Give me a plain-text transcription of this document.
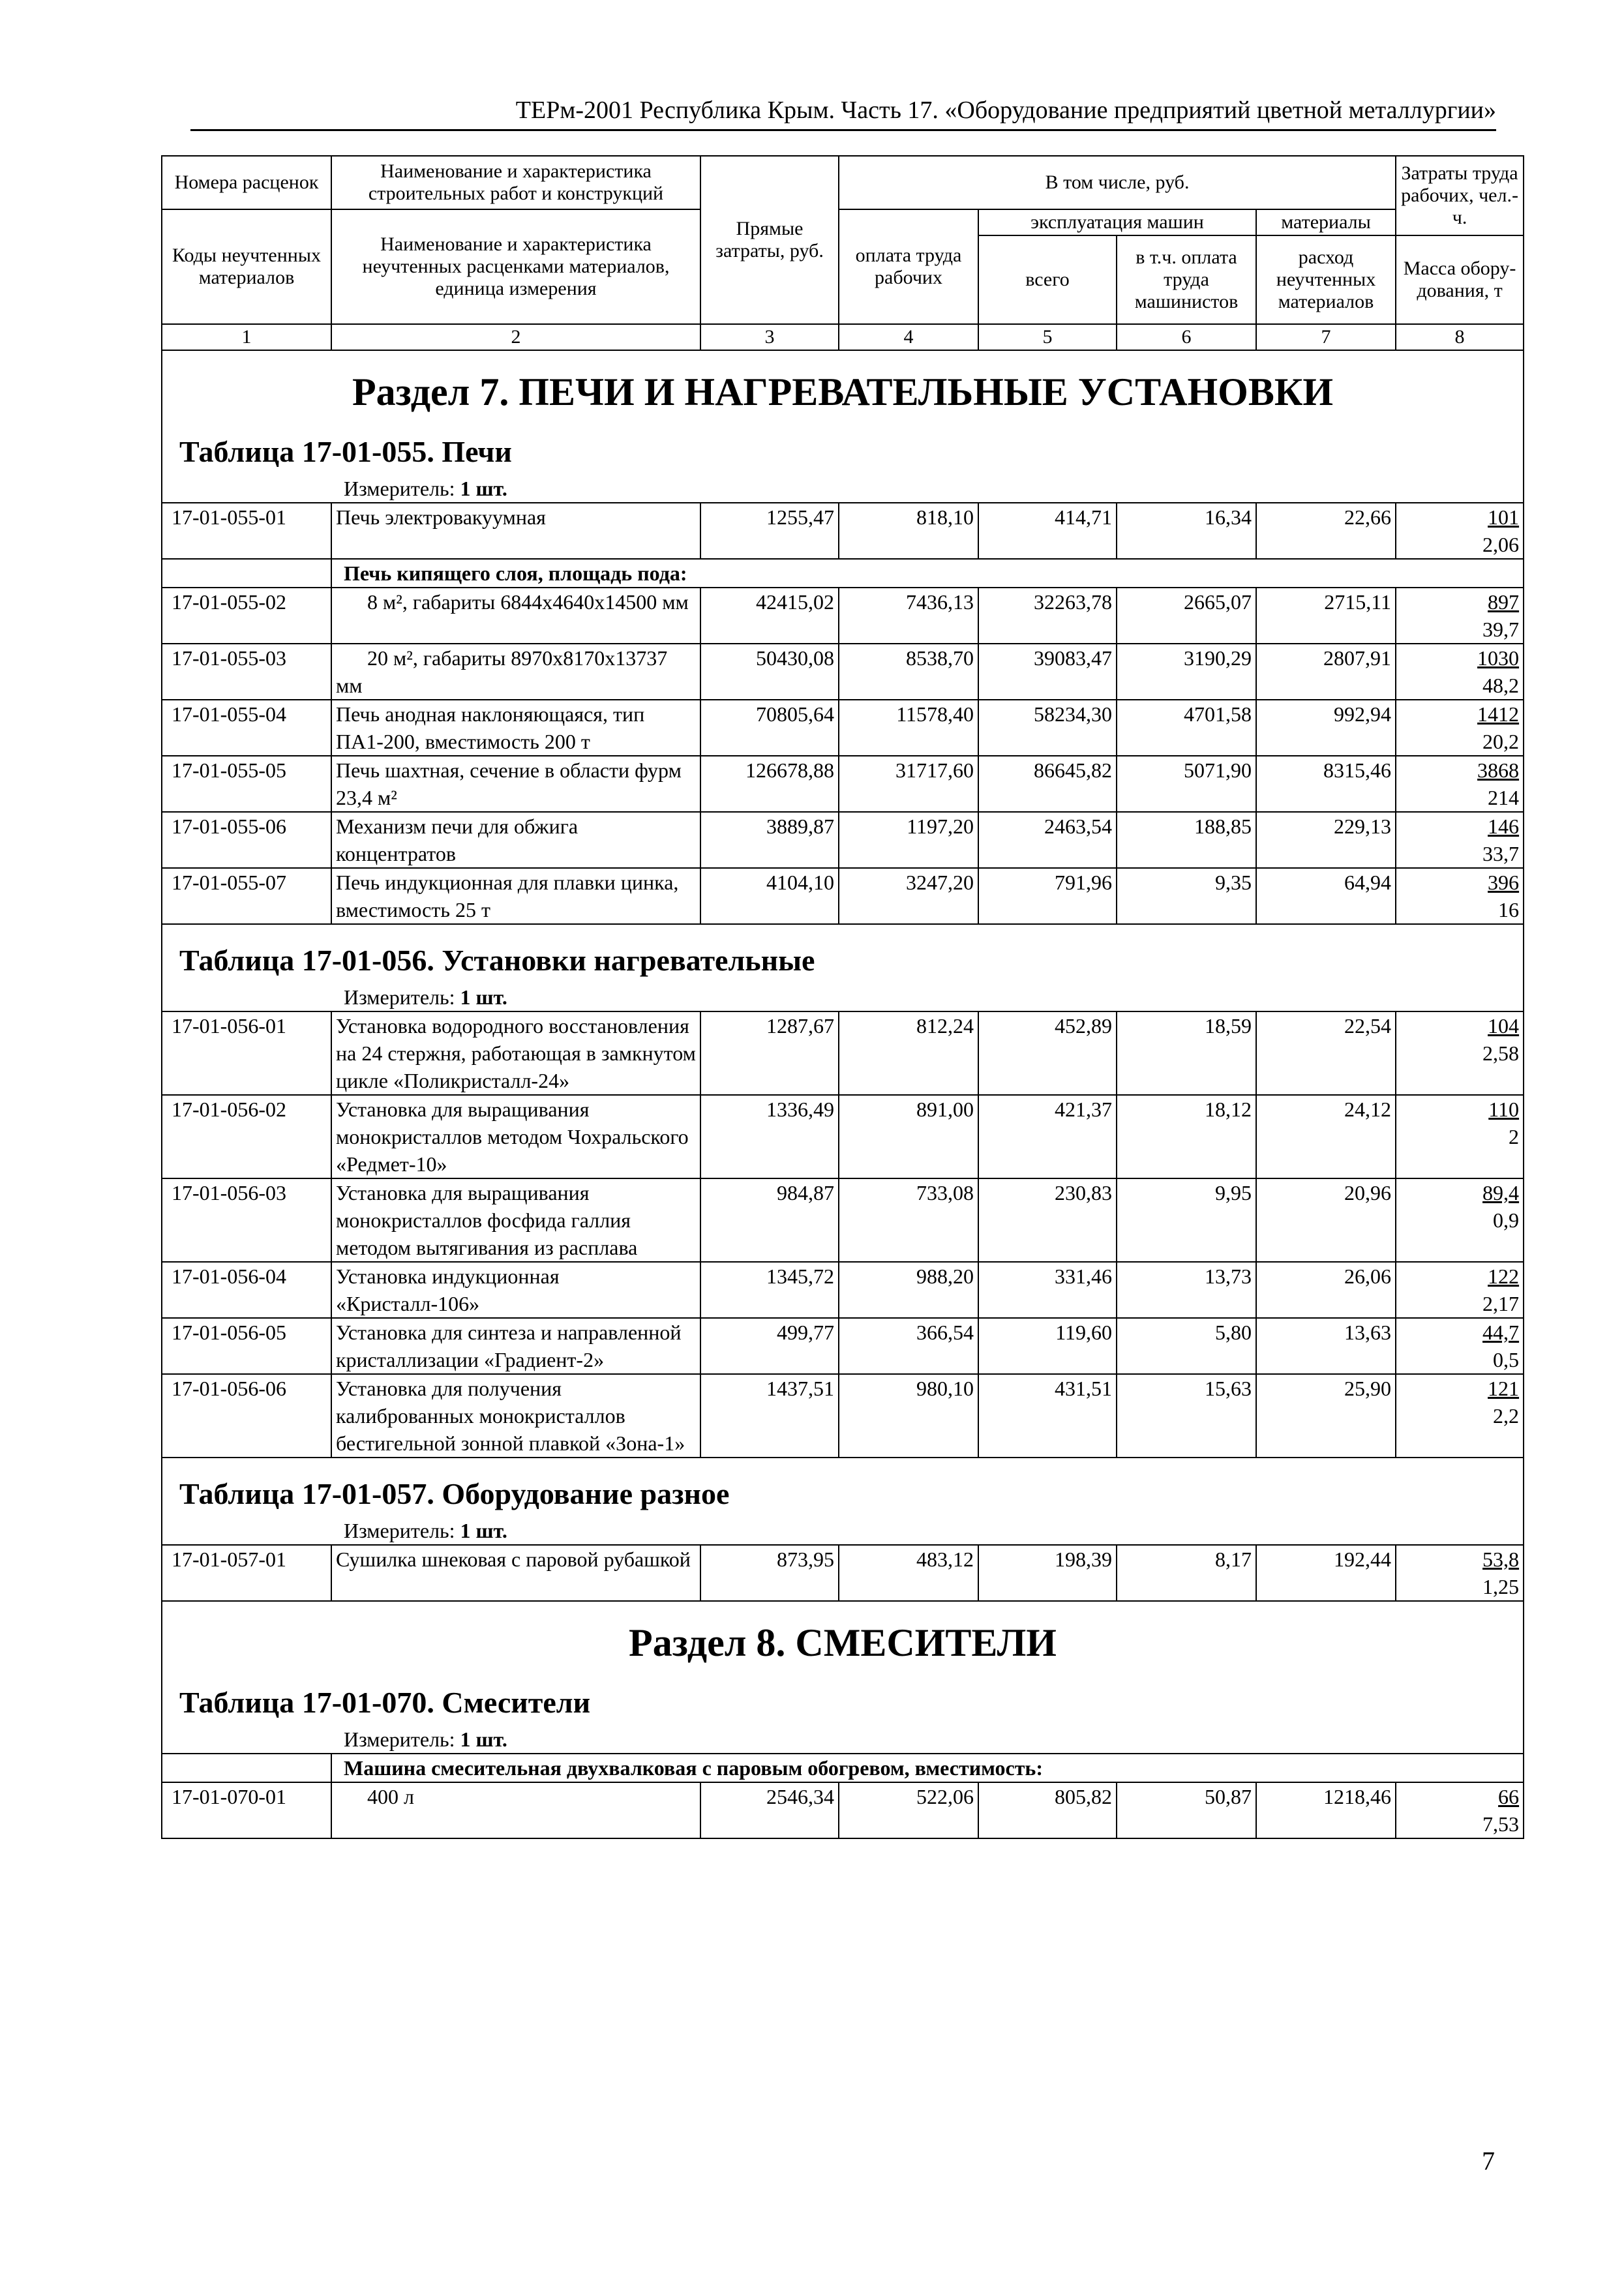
ТЕРм-2001 Республика Крым. Часть 17. «Оборудование предприятий цветной металлургии»
Номера расценок	Наименование и характеристика строительных работ и конструкций	Прямые затраты, руб.	В том числе, руб.				Затраты труда рабочих, чел.-ч.
Коды неучтенных материалов	Наименование и характеристика неучтенных расценками материалов, единица измерения		оплата труда рабочих	эксплуатация машин		материалы	
				всего	в т.ч. оплата труда машинистов	расход неучтенных материалов	Масса обору-дования, т
1	2	3	4	5	6	7	8
Раздел 7. ПЕЧИ И НАГРЕВАТЕЛЬНЫЕ УСТАНОВКИ							
Таблица 17-01-055. Печи							
Измеритель: 1 шт.							
17-01-055-01	Печь электровакуумная	1255,47	818,10	414,71	16,34	22,66	101
2,06

	Печь кипящего слоя, площадь пода:						
17-01-055-02	8 м², габариты 6844х4640х14500 мм	42415,02	7436,13	32263,78	2665,07	2715,11	897
39,7

17-01-055-03	20 м², габариты 8970х8170х13737 мм	50430,08	8538,70	39083,47	3190,29	2807,91	1030
48,2

17-01-055-04	Печь анодная наклоняющаяся, тип ПА1-200, вместимость 200 т	70805,64	11578,40	58234,30	4701,58	992,94	1412
20,2

17-01-055-05	Печь шахтная, сечение в области фурм 23,4 м²	126678,88	31717,60	86645,82	5071,90	8315,46	3868
214

17-01-055-06	Механизм печи для обжига концентратов	3889,87	1197,20	2463,54	188,85	229,13	146
33,7

17-01-055-07	Печь индукционная для плавки цинка, вместимость 25 т	4104,10	3247,20	791,96	9,35	64,94	396
16

Таблица 17-01-056. Установки нагревательные							
Измеритель: 1 шт.							
17-01-056-01	Установка водородного восстановления на 24 стержня, работающая в замкнутом цикле «Поликристалл-24»	1287,67	812,24	452,89	18,59	22,54	104
2,58

17-01-056-02	Установка для выращивания монокристаллов методом Чохральского «Редмет-10»	1336,49	891,00	421,37	18,12	24,12	110
2

17-01-056-03	Установка для выращивания монокристаллов фосфида галлия методом вытягивания из расплава	984,87	733,08	230,83	9,95	20,96	89,4
0,9

17-01-056-04	Установка индукционная «Кристалл-106»	1345,72	988,20	331,46	13,73	26,06	122
2,17

17-01-056-05	Установка для синтеза и направленной кристаллизации «Градиент-2»	499,77	366,54	119,60	5,80	13,63	44,7
0,5

17-01-056-06	Установка для получения калиброванных монокристаллов бестигельной зонной плавкой «Зона-1»	1437,51	980,10	431,51	15,63	25,90	121
2,2

Таблица 17-01-057. Оборудование разное							
Измеритель: 1 шт.							
17-01-057-01	Сушилка шнековая с паровой рубашкой	873,95	483,12	198,39	8,17	192,44	53,8
1,25

Раздел 8. СМЕСИТЕЛИ							
Таблица 17-01-070. Смесители							
Измеритель: 1 шт.							
	Машина смесительная двухвалковая с паровым обогревом, вместимость:						
17-01-070-01	400 л	2546,34	522,06	805,82	50,87	1218,46	66
7,53
7
